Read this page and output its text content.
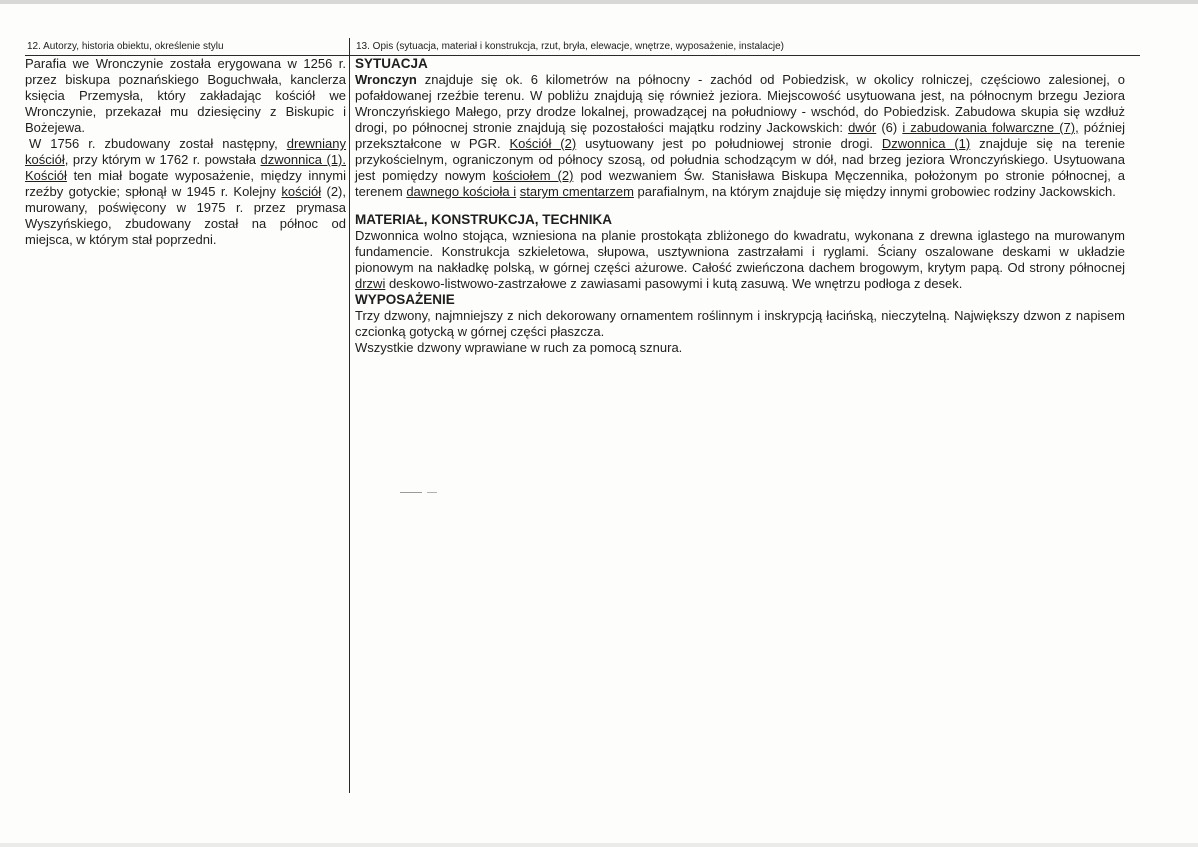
12. Autorzy, historia obiektu, określenie stylu	13. Opis (sytuacja, materiał i konstrukcja, rzut, bryła, elewacje, wnętrze, wyposażenie, instalacje)

Parafia we Wronczynie została erygowana w 1256 r. przez biskupa poznańskiego Boguchwała, kanclerza księcia Przemysła, który zakładając kościół we Wronczynie, przekazał mu dziesięciny z Biskupic i Bożejewa.

W 1756 r. zbudowany został następny, drewniany kościół, przy którym w 1762 r. powstała dzwonnica (1). Kościół ten miał bogate wyposażenie, między innymi rzeźby gotyckie; spłonął w 1945 r. Kolejny kościół (2), murowany, poświęcony w 1975 r. przez prymasa Wyszyńskiego, zbudowany został na północ od miejsca, w którym stał poprzedni.

SYTUACJA

Wronczyn znajduje się ok. 6 kilometrów na północny - zachód od Pobiedzisk, w okolicy rolniczej, częściowo zalesionej, o pofałdowanej rzeźbie terenu. W pobliżu znajdują się również jeziora. Miejscowość usytuowana jest, na północnym brzegu Jeziora Wronczyńskiego Małego, przy drodze lokalnej, prowadzącej na południowy - wschód, do Pobiedzisk. Zabudowa skupia się wzdłuż drogi, po północnej stronie znajdują się pozostałości majątku rodziny Jackowskich: dwór (6) i zabudowania folwarczne (7), później przekształcone w PGR. Kościół (2) usytuowany jest po południowej stronie drogi. Dzwonnica (1) znajduje się na terenie przykościelnym, ograniczonym od północy szosą, od południa schodzącym w dół, nad brzeg jeziora Wronczyńskiego. Usytuowana jest pomiędzy nowym kościołem (2) pod wezwaniem Św. Stanisława Biskupa Męczennika, położonym po stronie północnej, a terenem dawnego kościoła i starym cmentarzem parafialnym, na którym znajduje się między innymi grobowiec rodziny Jackowskich.

MATERIAŁ, KONSTRUKCJA, TECHNIKA

Dzwonnica wolno stojąca, wzniesiona na planie prostokąta zbliżonego do kwadratu, wykonana z drewna iglastego na murowanym fundamencie. Konstrukcja szkieletowa, słupowa, usztywniona zastrzałami i ryglami. Ściany oszalowane deskami w układzie pionowym na nakładkę polską, w górnej części ażurowe. Całość zwieńczona dachem brogowym, krytym papą. Od strony północnej drzwi deskowo-listwowo-zastrzałowe z zawiasami pasowymi i kutą zasuwą. We wnętrzu podłoga z desek.

WYPOSAŻENIE

Trzy dzwony, najmniejszy z nich dekorowany ornamentem roślinnym i inskrypcją łacińską, nieczytelną. Największy dzwon z napisem czcionką gotycką w górnej części płaszcza.

Wszystkie dzwony wprawiane w ruch za pomocą sznura.
